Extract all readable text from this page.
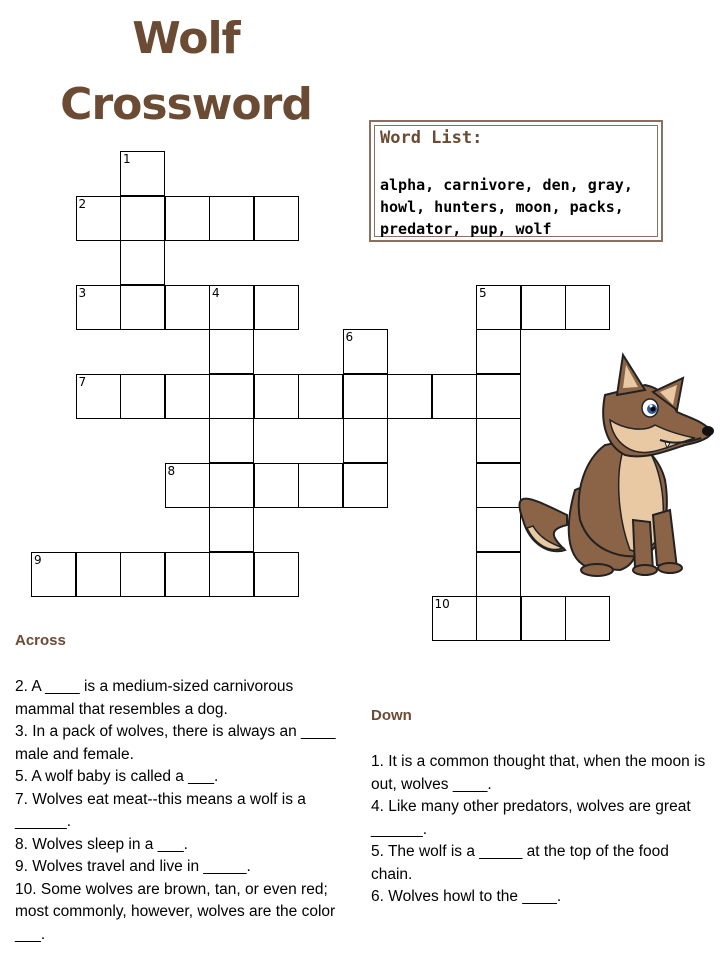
Wolf
Crossword
Word List:
alpha, carnivore, den, gray, howl, hunters, moon, packs, predator, pup, wolf
1
2
3	4	5
6
7
8
9
10
Across
2. A ____ is a medium-sized carnivorous mammal that resembles a dog.
3. In a pack of wolves, there is always an ____ male and female.
5. A wolf baby is called a ___.
7. Wolves eat meat--this means a wolf is a ______.
8. Wolves sleep in a ___.
9. Wolves travel and live in _____.
10. Some wolves are brown, tan, or even red; most commonly, however, wolves are the color ___.
Down
1. It is a common thought that, when the moon is out, wolves ____.
4. Like many other predators, wolves are great ______.
5. The wolf is a _____ at the top of the food chain.
6. Wolves howl to the ____.
